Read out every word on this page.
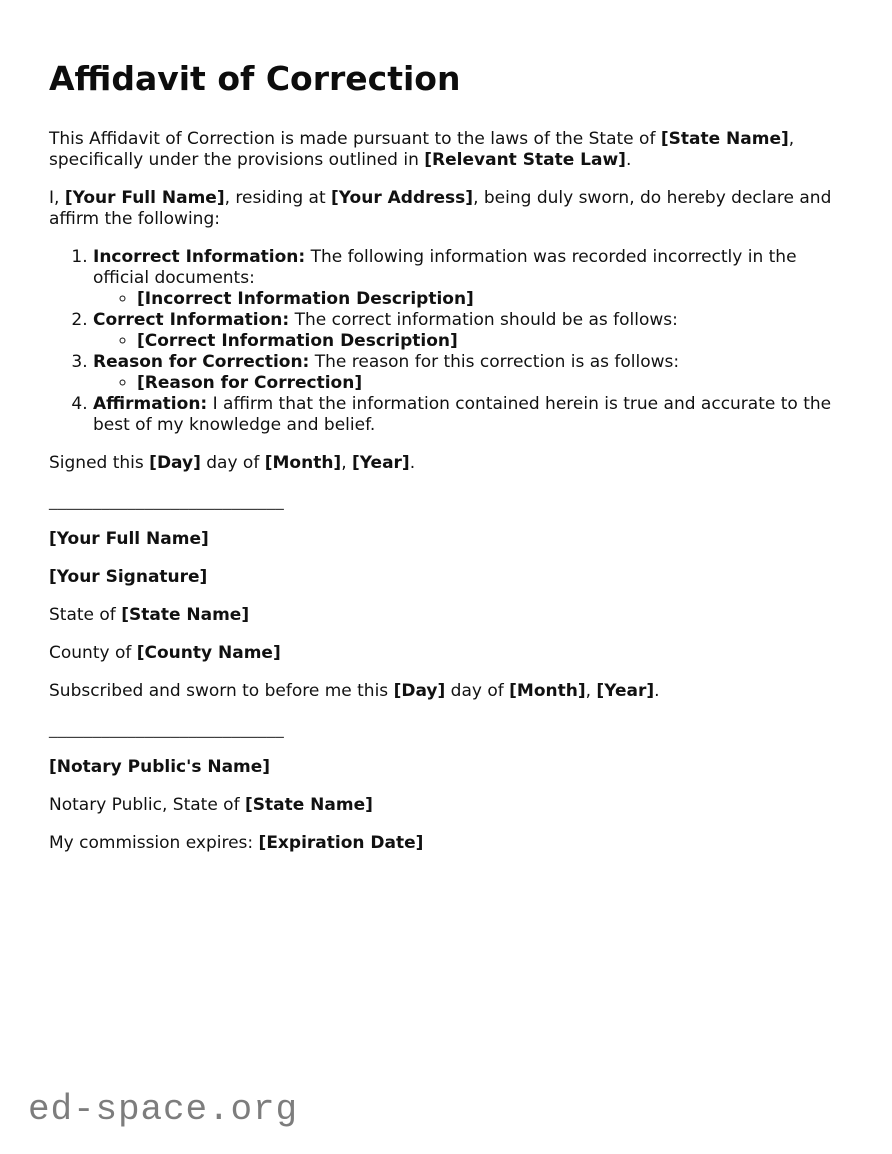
Affidavit of Correction

This Affidavit of Correction is made pursuant to the laws of the State of [State Name], specifically under the provisions outlined in [Relevant State Law].

I, [Your Full Name], residing at [Your Address], being duly sworn, do hereby declare and affirm the following:

1. Incorrect Information: The following information was recorded incorrectly in the official documents:
◦ [Incorrect Information Description]
2. Correct Information: The correct information should be as follows:
◦ [Correct Information Description]
3. Reason for Correction: The reason for this correction is as follows:
◦ [Reason for Correction]
4. Affirmation: I affirm that the information contained herein is true and accurate to the best of my knowledge and belief.

Signed this [Day] day of [Month], [Year].

___________________________

[Your Full Name]

[Your Signature]

State of [State Name]

County of [County Name]

Subscribed and sworn to before me this [Day] day of [Month], [Year].

___________________________

[Notary Public's Name]

Notary Public, State of [State Name]

My commission expires: [Expiration Date]

ed-space.org
